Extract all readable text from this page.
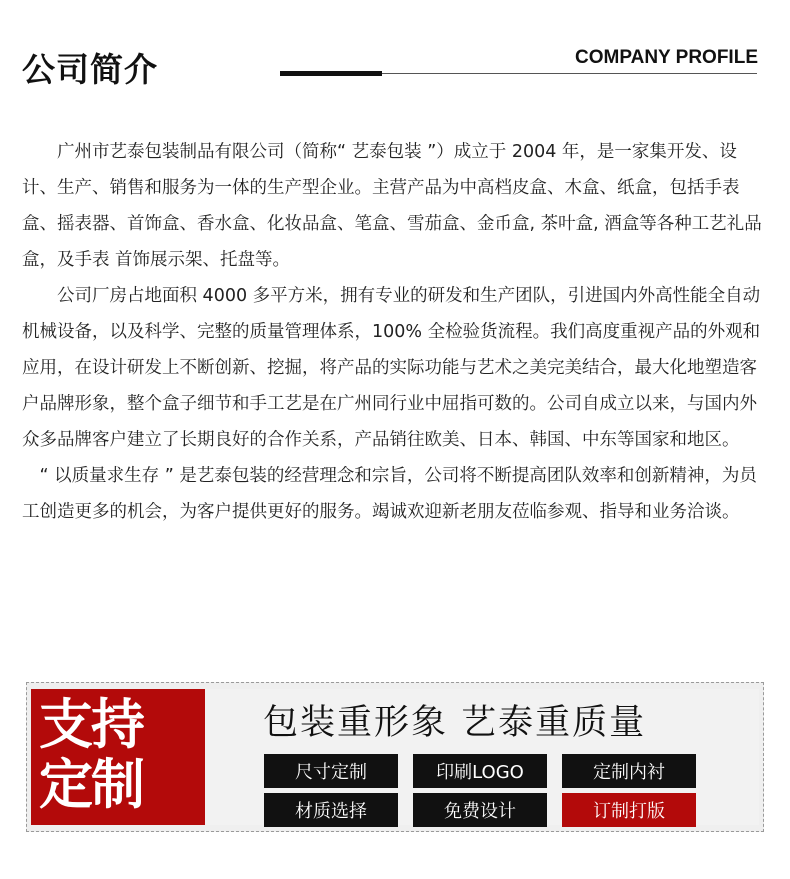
公司简介	COMPANY PROFILE

广州市艺泰包装制品有限公司（简称“ 艺泰包装 ”）成立于 2004 年，是一家集开发、设计、生产、销售和服务为一体的生产型企业。主营产品为中高档皮盒、木盒、纸盒，包括手表盒、摇表器、首饰盒、香水盒、化妆品盒、笔盒、雪茄盒、金币盒, 茶叶盒, 酒盒等各种工艺礼品盒，及手表 首饰展示架、托盘等。

公司厂房占地面积 4000 多平方米，拥有专业的研发和生产团队，引进国内外高性能全自动机械设备，以及科学、完整的质量管理体系，100% 全检验货流程。我们高度重视产品的外观和应用，在设计研发上不断创新、挖掘，将产品的实际功能与艺术之美完美结合，最大化地塑造客户品牌形象，整个盒子细节和手工艺是在广州同行业中屈指可数的。公司自成立以来，与国内外众多品牌客户建立了长期良好的合作关系，产品销往欧美、日本、韩国、中东等国家和地区。

“ 以质量求生存 ” 是艺泰包装的经营理念和宗旨，公司将不断提高团队效率和创新精神，为员工创造更多的机会，为客户提供更好的服务。竭诚欢迎新老朋友莅临参观、指导和业务洽谈。

支持
定制
包装重形象 艺泰重质量
尺寸定制	印刷LOGO	定制内衬
材质选择	免费设计	订制打版
